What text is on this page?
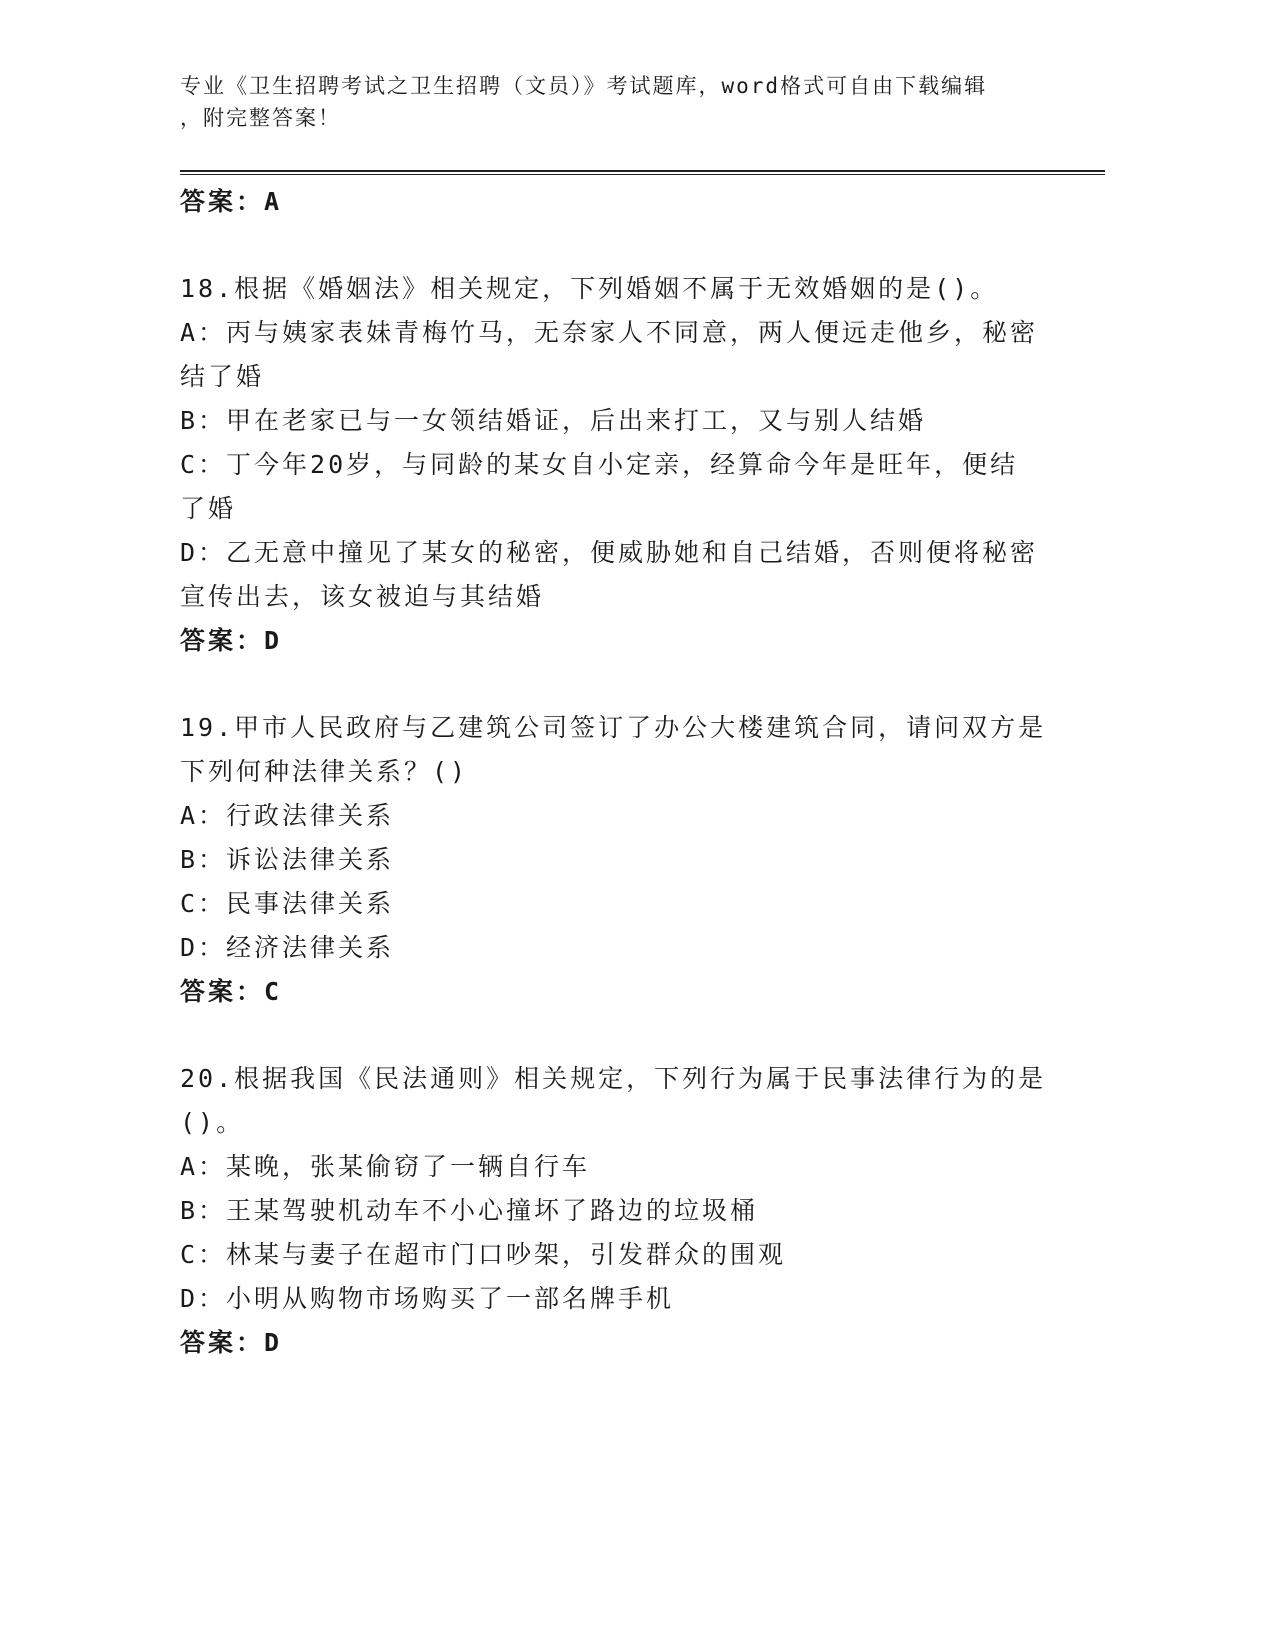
专业《卫生招聘考试之卫生招聘（文员）》考试题库，word格式可自由下载编辑
，附完整答案！
答案：A
18.根据《婚姻法》相关规定，下列婚姻不属于无效婚姻的是()。
A：丙与姨家表妹青梅竹马，无奈家人不同意，两人便远走他乡，秘密
结了婚
B：甲在老家已与一女领结婚证，后出来打工，又与别人结婚
C：丁今年20岁，与同龄的某女自小定亲，经算命今年是旺年，便结
了婚
D：乙无意中撞见了某女的秘密，便威胁她和自己结婚，否则便将秘密
宣传出去，该女被迫与其结婚
答案：D
19.甲市人民政府与乙建筑公司签订了办公大楼建筑合同，请问双方是
下列何种法律关系？()
A：行政法律关系
B：诉讼法律关系
C：民事法律关系
D：经济法律关系
答案：C
20.根据我国《民法通则》相关规定，下列行为属于民事法律行为的是
()。
A：某晚，张某偷窃了一辆自行车
B：王某驾驶机动车不小心撞坏了路边的垃圾桶
C：林某与妻子在超市门口吵架，引发群众的围观
D：小明从购物市场购买了一部名牌手机
答案：D
